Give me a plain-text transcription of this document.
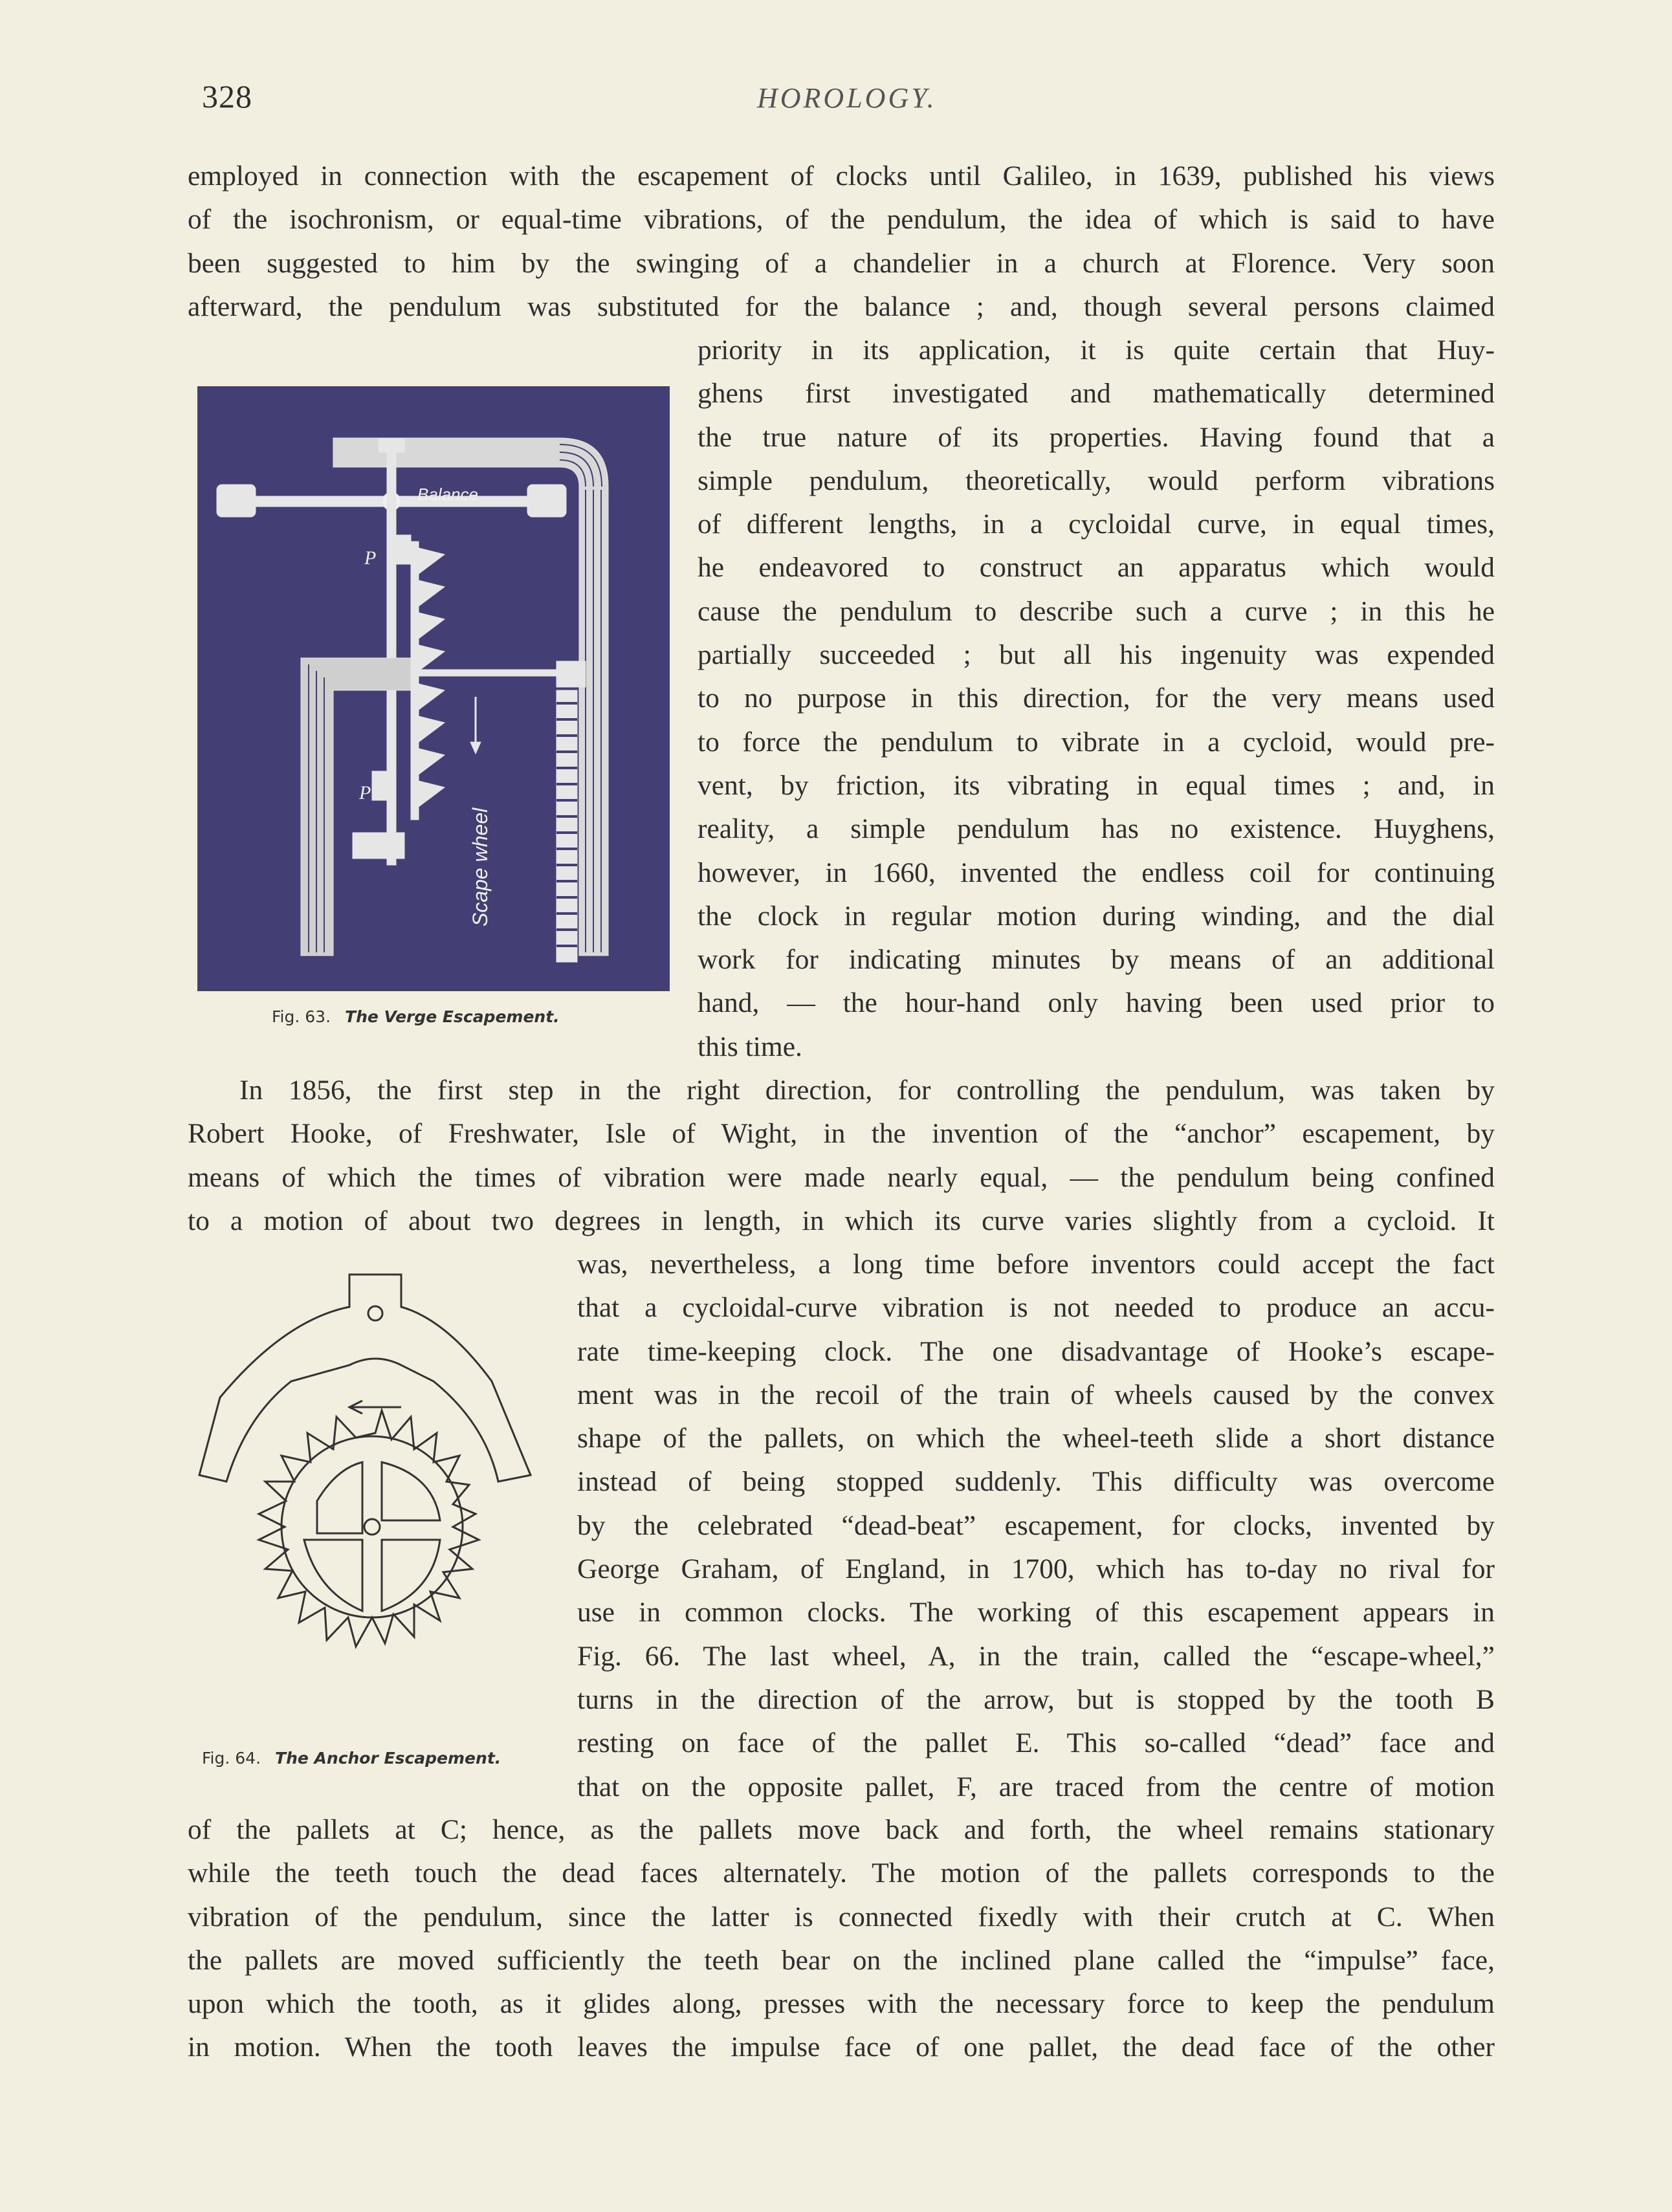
328	HOROLOGY.
employed in connection with the escapement of clocks until Galileo, in 1639, published his views
of the isochronism, or equal-time vibrations, of the pendulum, the idea of which is said to have
been suggested to him by the swinging of a chandelier in a church at Florence. Very soon
afterward, the pendulum was substituted for the balance ; and, though several persons claimed
priority in its application, it is quite certain that Huy-
ghens first investigated and mathematically determined
the true nature of its properties. Having found that a
simple pendulum, theoretically, would perform vibrations
of different lengths, in a cycloidal curve, in equal times,
he endeavored to construct an apparatus which would
cause the pendulum to describe such a curve ; in this he
partially succeeded ; but all his ingenuity was expended
to no purpose in this direction, for the very means used
to force the pendulum to vibrate in a cycloid, would pre-
vent, by friction, its vibrating in equal times ; and, in
reality, a simple pendulum has no existence. Huyghens,
however, in 1660, invented the endless coil for continuing
the clock in regular motion during winding, and the dial
work for indicating minutes by means of an additional
hand, — the hour-hand only having been used prior to
this time.
Balance
P
P
Scape wheel
Fig. 63. The Verge Escapement.
In 1856, the first step in the right direction, for controlling the pendulum, was taken by
Robert Hooke, of Freshwater, Isle of Wight, in the invention of the “anchor” escapement, by
means of which the times of vibration were made nearly equal, — the pendulum being confined
to a motion of about two degrees in length, in which its curve varies slightly from a cycloid. It
was, nevertheless, a long time before inventors could accept the fact
that a cycloidal-curve vibration is not needed to produce an accu-
rate time-keeping clock. The one disadvantage of Hooke’s escape-
ment was in the recoil of the train of wheels caused by the convex
shape of the pallets, on which the wheel-teeth slide a short distance
instead of being stopped suddenly. This difficulty was overcome
by the celebrated “dead-beat” escapement, for clocks, invented by
George Graham, of England, in 1700, which has to-day no rival for
use in common clocks. The working of this escapement appears in
Fig. 66. The last wheel, A, in the train, called the “escape-wheel,”
turns in the direction of the arrow, but is stopped by the tooth B
resting on face of the pallet E. This so-called “dead” face and
that on the opposite pallet, F, are traced from the centre of motion
Fig. 64. The Anchor Escapement.
of the pallets at C; hence, as the pallets move back and forth, the wheel remains stationary
while the teeth touch the dead faces alternately. The motion of the pallets corresponds to the
vibration of the pendulum, since the latter is connected fixedly with their crutch at C. When
the pallets are moved sufficiently the teeth bear on the inclined plane called the “impulse” face,
upon which the tooth, as it glides along, presses with the necessary force to keep the pendulum
in motion. When the tooth leaves the impulse face of one pallet, the dead face of the other
